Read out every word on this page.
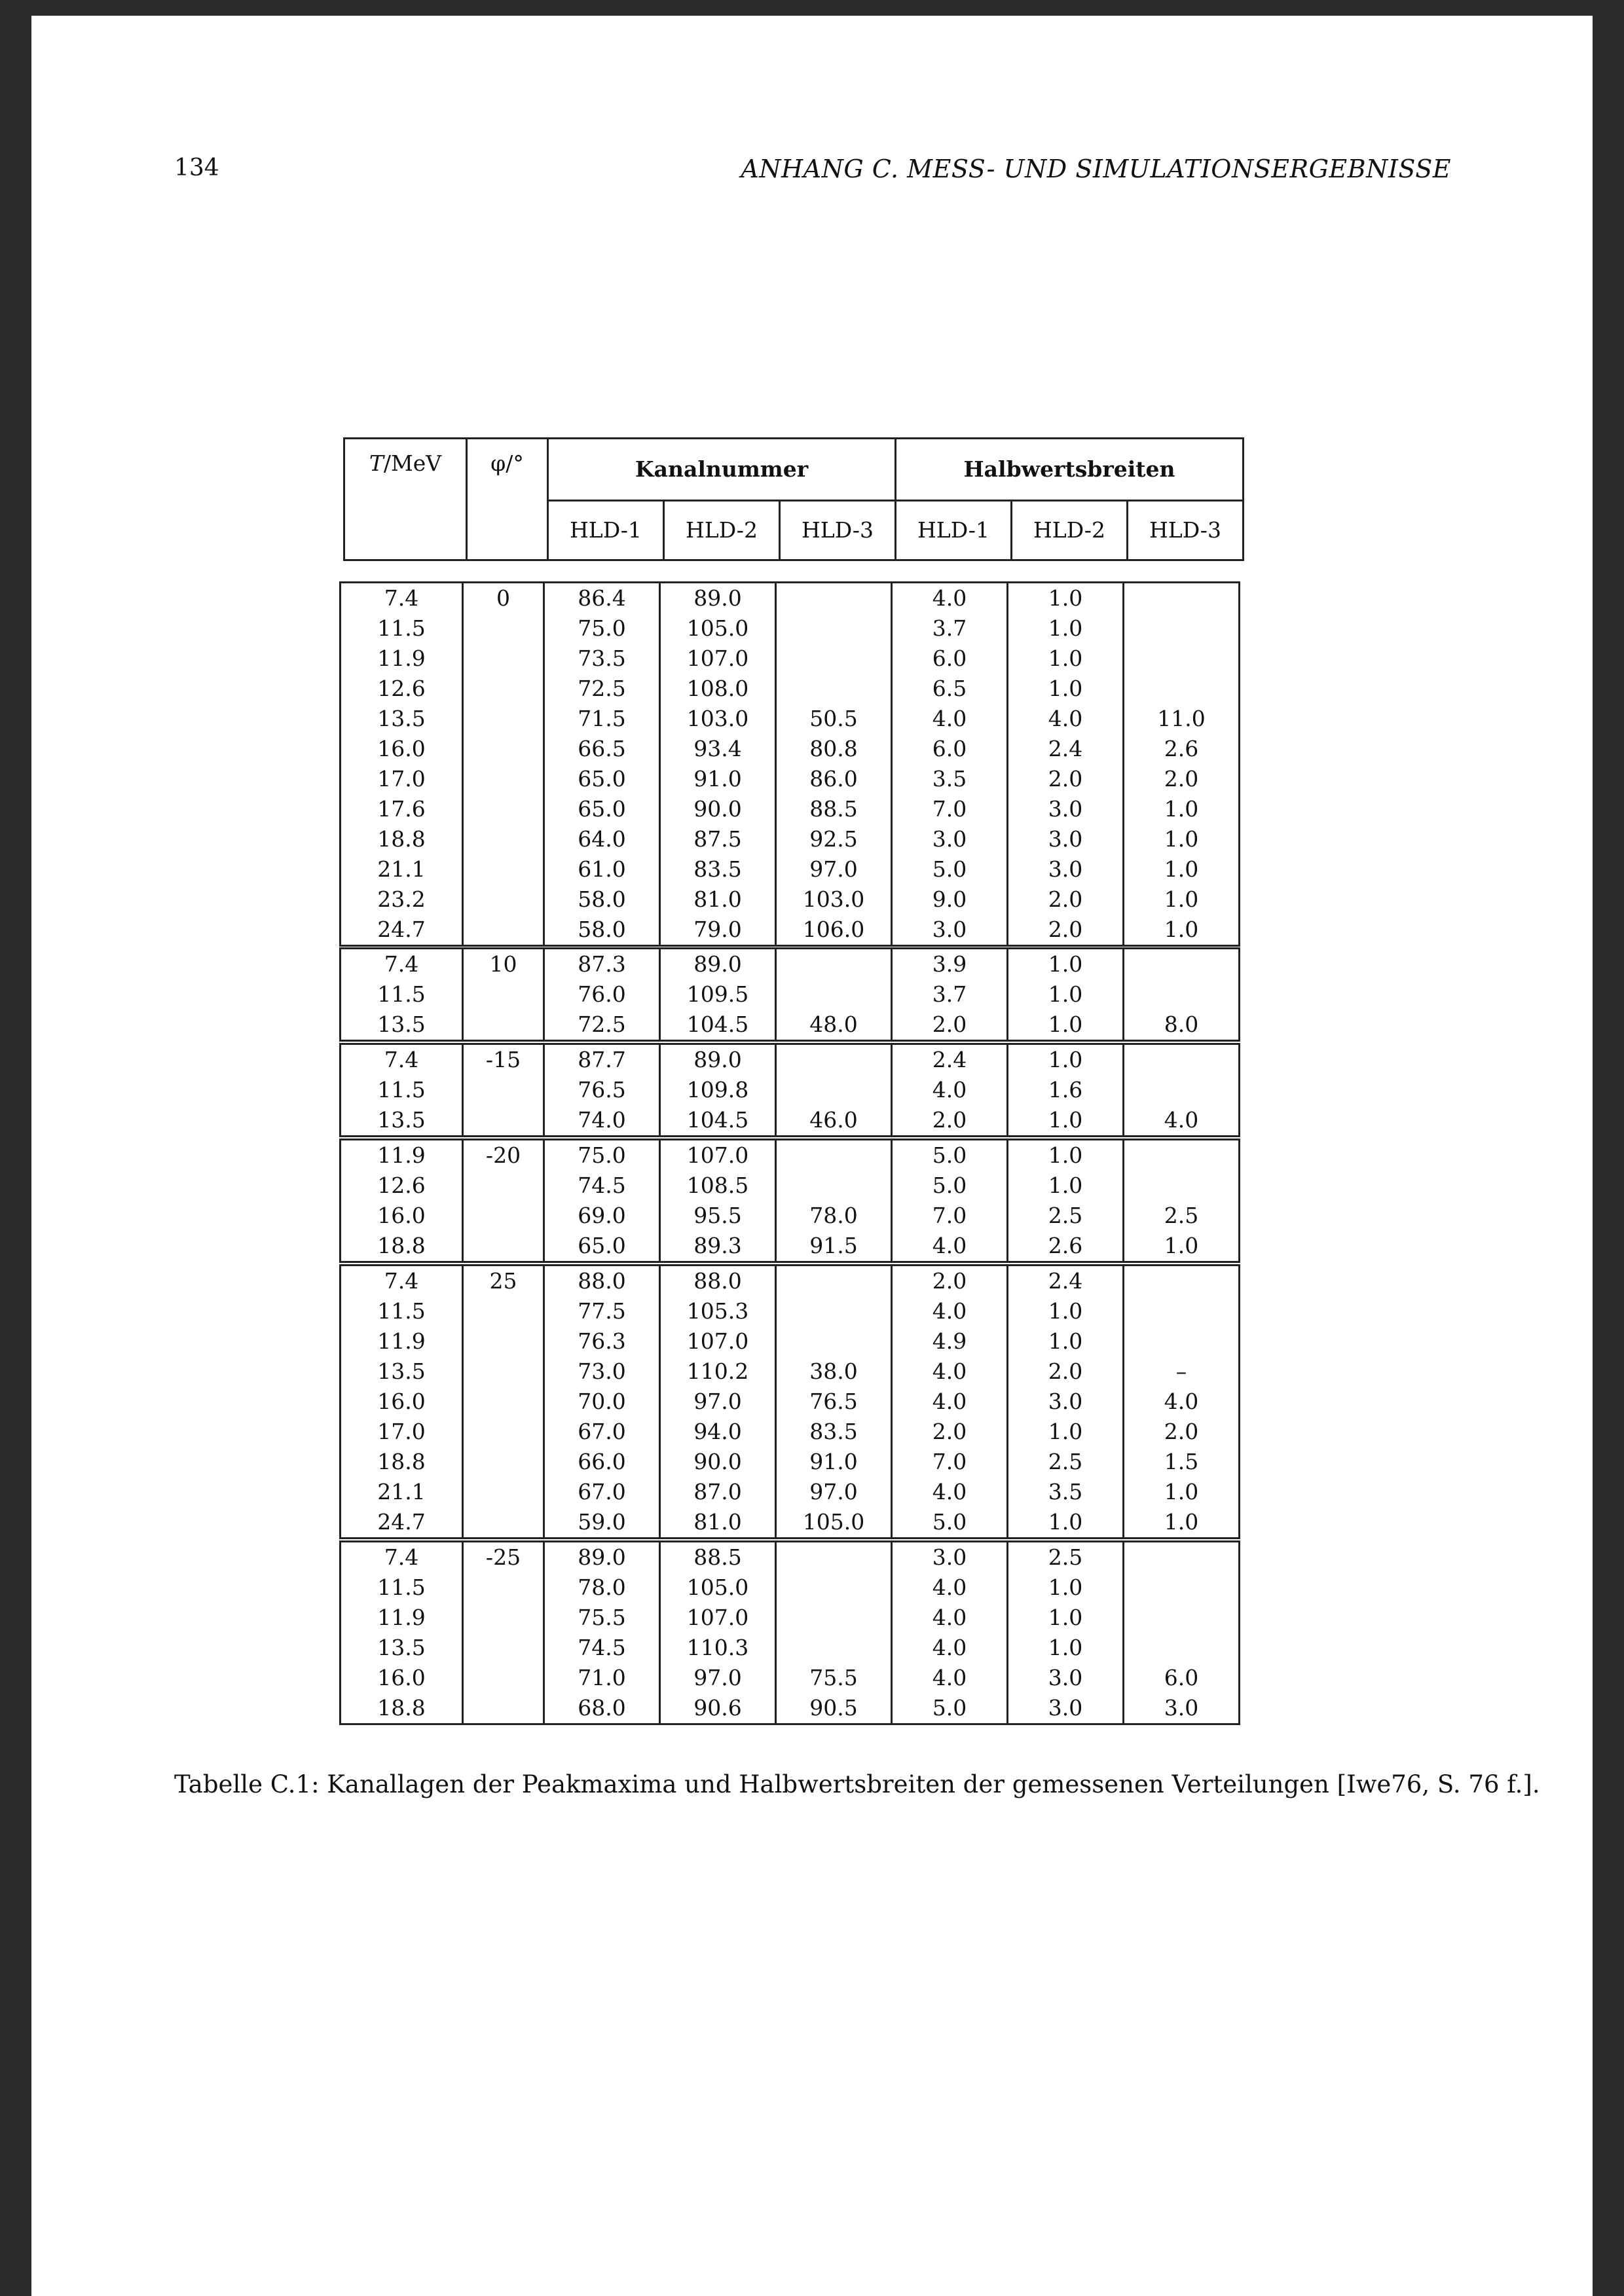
134	ANHANG C. MESS- UND SIMULATIONSERGEBNISSE
T/MeV	φ/°	Kanalnummer			Halbwertsbreiten		
		HLD-1	HLD-2	HLD-3	HLD-1	HLD-2	HLD-3
7.4	0	86.4	89.0		4.0	1.0	
11.5		75.0	105.0		3.7	1.0	
11.9		73.5	107.0		6.0	1.0	
12.6		72.5	108.0		6.5	1.0	
13.5		71.5	103.0	50.5	4.0	4.0	11.0
16.0		66.5	93.4	80.8	6.0	2.4	2.6
17.0		65.0	91.0	86.0	3.5	2.0	2.0
17.6		65.0	90.0	88.5	7.0	3.0	1.0
18.8		64.0	87.5	92.5	3.0	3.0	1.0
21.1		61.0	83.5	97.0	5.0	3.0	1.0
23.2		58.0	81.0	103.0	9.0	2.0	1.0
24.7		58.0	79.0	106.0	3.0	2.0	1.0
7.4	10	87.3	89.0		3.9	1.0	
11.5		76.0	109.5		3.7	1.0	
13.5		72.5	104.5	48.0	2.0	1.0	8.0
7.4	-15	87.7	89.0		2.4	1.0	
11.5		76.5	109.8		4.0	1.6	
13.5		74.0	104.5	46.0	2.0	1.0	4.0
11.9	-20	75.0	107.0		5.0	1.0	
12.6		74.5	108.5		5.0	1.0	
16.0		69.0	95.5	78.0	7.0	2.5	2.5
18.8		65.0	89.3	91.5	4.0	2.6	1.0
7.4	25	88.0	88.0		2.0	2.4	
11.5		77.5	105.3		4.0	1.0	
11.9		76.3	107.0		4.9	1.0	
13.5		73.0	110.2	38.0	4.0	2.0	–
16.0		70.0	97.0	76.5	4.0	3.0	4.0
17.0		67.0	94.0	83.5	2.0	1.0	2.0
18.8		66.0	90.0	91.0	7.0	2.5	1.5
21.1		67.0	87.0	97.0	4.0	3.5	1.0
24.7		59.0	81.0	105.0	5.0	1.0	1.0
7.4	-25	89.0	88.5		3.0	2.5	
11.5		78.0	105.0		4.0	1.0	
11.9		75.5	107.0		4.0	1.0	
13.5		74.5	110.3		4.0	1.0	
16.0		71.0	97.0	75.5	4.0	3.0	6.0
18.8		68.0	90.6	90.5	5.0	3.0	3.0
Tabelle C.1: Kanallagen der Peakmaxima und Halbwertsbreiten der gemessenen Verteilungen [Iwe76, S. 76 f.].
